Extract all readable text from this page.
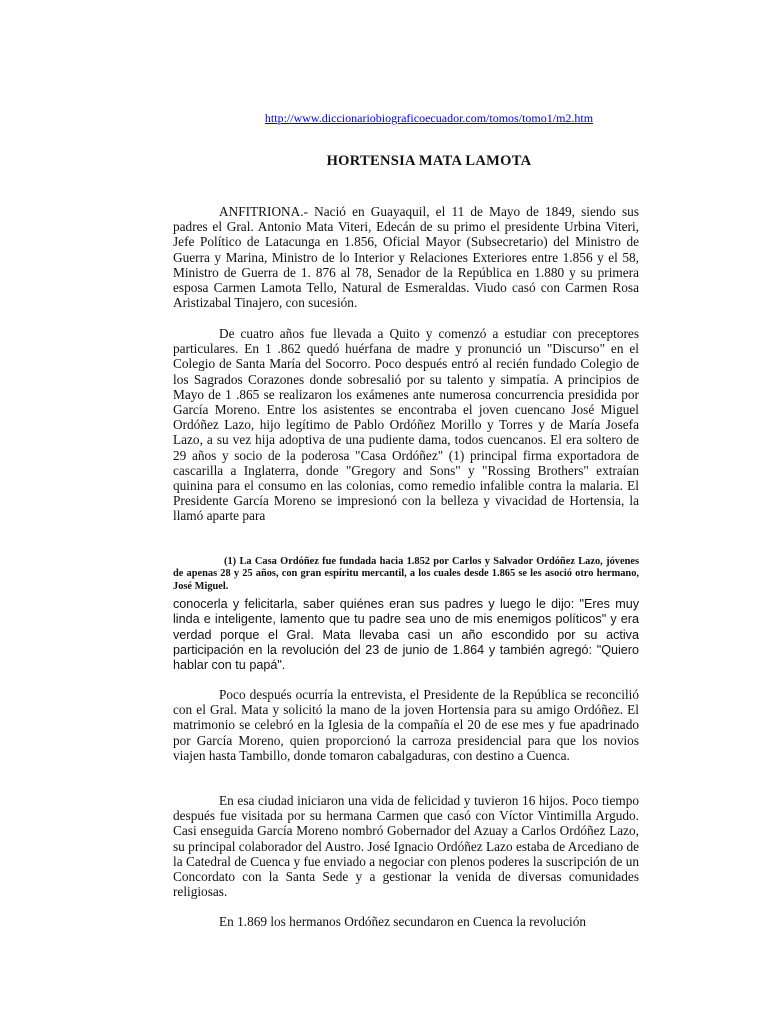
http://www.diccionariobiograficoecuador.com/tomos/tomo1/m2.htm
HORTENSIA MATA LAMOTA

ANFITRIONA.- Nació en Guayaquil, el 11 de Mayo de 1849, siendo sus padres el Gral. Antonio Mata Viteri, Edecán de su primo el presidente Urbina Viteri, Jefe Político de Latacunga en 1.856, Oficial Mayor (Subsecretario) del Ministro de Guerra y Marina, Ministro de lo Interior y Relaciones Exteriores entre 1.856 y el 58, Ministro de Guerra de 1. 876 al 78, Senador de la República en 1.880 y su primera esposa Carmen Lamota Tello, Natural de Esmeraldas. Viudo casó con Carmen Rosa Aristizabal Tinajero, con sucesión.

De cuatro años fue llevada a Quito y comenzó a estudiar con preceptores particulares. En 1 .862 quedó huérfana de madre y pronunció un "Discurso" en el Colegio de Santa María del Socorro. Poco después entró al recién fundado Colegio de los Sagrados Corazones donde sobresalió por su talento y simpatía. A principios de Mayo de 1 .865 se realizaron los exámenes ante numerosa concurrencia presidida por García Moreno. Entre los asistentes se encontraba el joven cuencano José Miguel Ordóñez Lazo, hijo legítimo de Pablo Ordóñez Morillo y Torres y de María Josefa Lazo, a su vez hija adoptiva de una pudiente dama, todos cuencanos. El era soltero de 29 años y socio de la poderosa "Casa Ordóñez" (1) principal firma exportadora de cascarilla a Inglaterra, donde "Gregory and Sons" y "Rossing Brothers" extraían quinina para el consumo en las colonias, como remedio infalible contra la malaria. El Presidente García Moreno se impresionó con la belleza y vivacidad de Hortensia, la llamó aparte para

(1) La Casa Ordóñez fue fundada hacia 1.852 por Carlos y Salvador Ordóñez Lazo, jóvenes de apenas 28 y 25 años, con gran espíritu mercantil, a los cuales desde 1.865 se les asoció otro hermano, José Miguel.

conocerla y felicitarla, saber quiénes eran sus padres y luego le dijo: "Eres muy linda e inteligente, lamento que tu padre sea uno de mis enemigos políticos" y era verdad porque el Gral. Mata llevaba casi un año escondido por su activa participación en la revolución del 23 de junio de 1.864 y también agregó: "Quiero hablar con tu papá".

Poco después ocurría la entrevista, el Presidente de la República se reconcilió con el Gral. Mata y solicitó la mano de la joven Hortensia para su amigo Ordóñez. El matrimonio se celebró en la Iglesia de la compañía el 20 de ese mes y fue apadrinado por García Moreno, quien proporcionó la carroza presidencial para que los novios viajen hasta Tambillo, donde tomaron cabalgaduras, con destino a Cuenca.

En esa ciudad iniciaron una vida de felicidad y tuvieron 16 hijos. Poco tiempo después fue visitada por su hermana Carmen que casó con Víctor Vintimilla Argudo. Casi enseguida García Moreno nombró Gobernador del Azuay a Carlos Ordóñez Lazo, su principal colaborador del Austro. José Ignacio Ordóñez Lazo estaba de Arcediano de la Catedral de Cuenca y fue enviado a negociar con plenos poderes la suscripción de un Concordato con la Santa Sede y a gestionar la venida de diversas comunidades religiosas.

En 1.869 los hermanos Ordóñez secundaron en Cuenca la revolución
